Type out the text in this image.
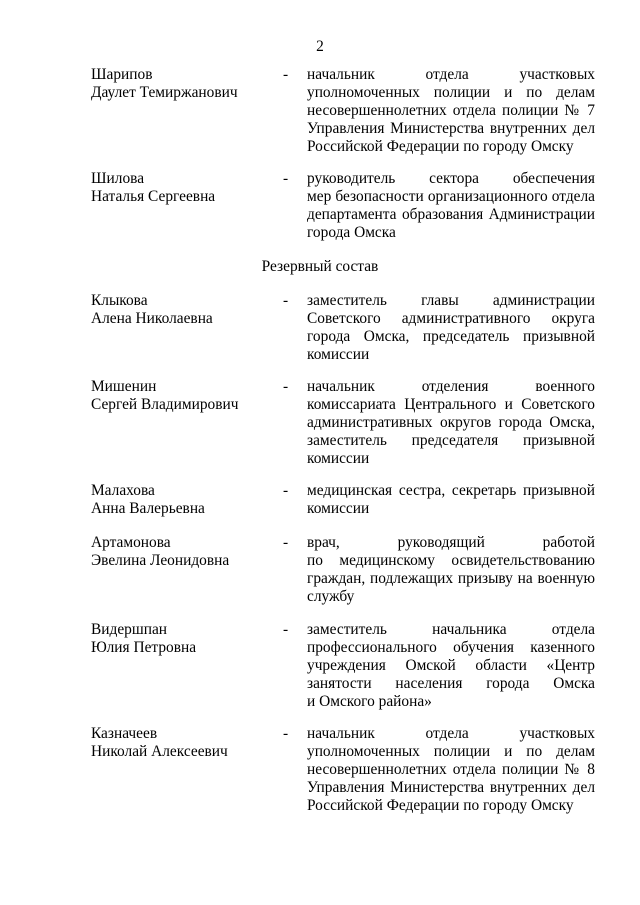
2
Шарипов
Даулет Темиржанович
- начальник отдела участковых
уполномоченных полиции и по делам
несовершеннолетних отдела полиции № 7
Управления Министерства внутренних дел
Российской Федерации по городу Омску
Шилова
Наталья Сергеевна
- руководитель сектора обеспечения
мер безопасности организационного отдела
департамента образования Администрации
города Омска
Резервный состав
Клыкова
Алена Николаевна
- заместитель главы администрации
Советского административного округа
города Омска, председатель призывной
комиссии
Мишенин
Сергей Владимирович
- начальник отделения военного
комиссариата Центрального и Советского
административных округов города Омска,
заместитель председателя призывной
комиссии
Малахова
Анна Валерьевна
- медицинская сестра, секретарь призывной
комиссии
Артамонова
Эвелина Леонидовна
- врач, руководящий работой
по медицинскому освидетельствованию
граждан, подлежащих призыву на военную
службу
Видершпан
Юлия Петровна
- заместитель начальника отдела
профессионального обучения казенного
учреждения Омской области «Центр
занятости населения города Омска
и Омского района»
Казначеев
Николай Алексеевич
- начальник отдела участковых
уполномоченных полиции и по делам
несовершеннолетних отдела полиции № 8
Управления Министерства внутренних дел
Российской Федерации по городу Омску
